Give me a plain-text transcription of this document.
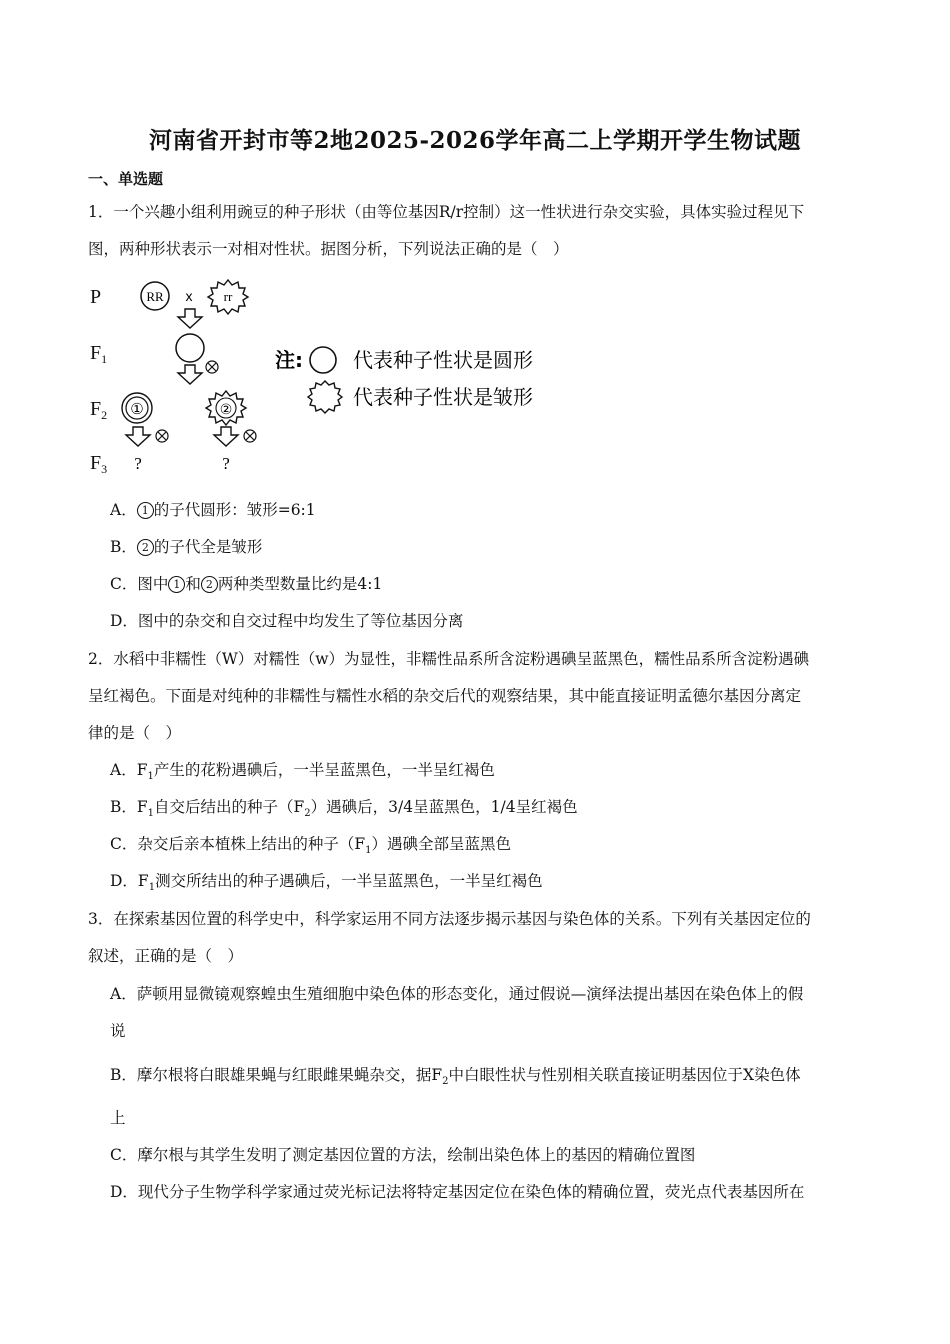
河南省开封市等2地2025-2026学年高二上学期开学生物试题
一、单选题
1．一个兴趣小组利用豌豆的种子形状（由等位基因R/r控制）这一性状进行杂交实验，具体实验过程见下
图，两种形状表示一对相对性状。据图分析，下列说法正确的是（　）
P
$F_1$
$F_2$
$F_3$
RR x rr
①	②
?	?
注:	代表种子性状是圆形
代表种子性状是皱形
A． 1 的子代圆形：皱形=6:1
B． 2 的子代全是皱形
C．图中 1 和 2 两种类型数量比约是4:1
D．图中的杂交和自交过程中均发生了等位基因分离
2．水稻中非糯性（W）对糯性（w）为显性，非糯性品系所含淀粉遇碘呈蓝黑色，糯性品系所含淀粉遇碘
呈红褐色。下面是对纯种的非糯性与糯性水稻的杂交后代的观察结果，其中能直接证明孟德尔基因分离定
律的是（　）
A．$F_1$产生的花粉遇碘后，一半呈蓝黑色，一半呈红褐色
B．$F_1$自交后结出的种子$(F_2)$遇碘后，3/4呈蓝黑色，1/4呈红褐色
C．杂交后亲本植株上结出的种子$(F_1)$遇碘全部呈蓝黑色
D．$F_1$测交所结出的种子遇碘后，一半呈蓝黑色，一半呈红褐色
3．在探索基因位置的科学史中，科学家运用不同方法逐步揭示基因与染色体的关系。下列有关基因定位的
叙述，正确的是（　）
A．萨顿用显微镜观察蝗虫生殖细胞中染色体的形态变化，通过假说—演绎法提出基因在染色体上的假
说
B．摩尔根将白眼雄果蝇与红眼雌果蝇杂交，据$F_2$中白眼性状与性别相关联直接证明基因位于X染色体
上
C．摩尔根与其学生发明了测定基因位置的方法，绘制出染色体上的基因的精确位置图
D．现代分子生物学科学家通过荧光标记法将特定基因定位在染色体的精确位置，荧光点代表基因所在
